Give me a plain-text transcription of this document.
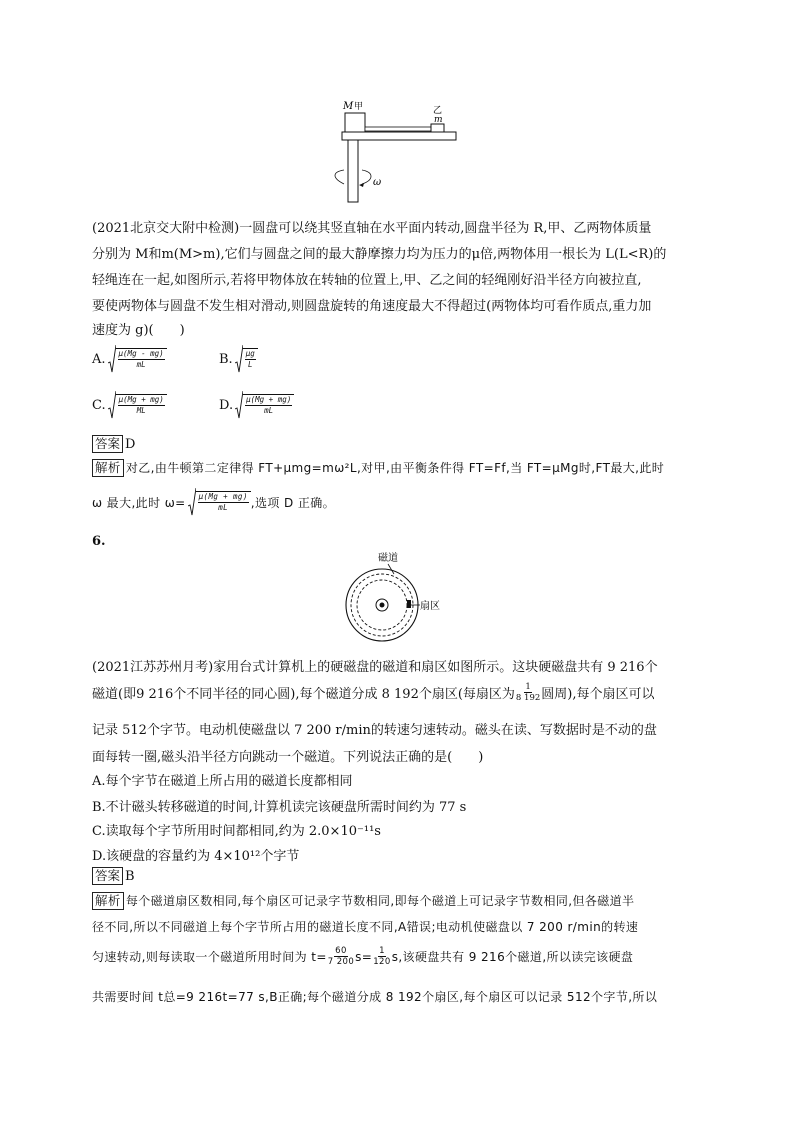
M 甲	乙
m
ω
(2021北京交大附中检测)一圆盘可以绕其竖直轴在水平面内转动,圆盘半径为 R,甲、乙两物体质量
分别为 M和m(M>m),它们与圆盘之间的最大静摩擦力均为压力的μ倍,两物体用一根长为 L(L<R)的
轻绳连在一起,如图所示,若将甲物体放在转轴的位置上,甲、乙之间的轻绳刚好沿半径方向被拉直,
要使两物体与圆盘不发生相对滑动,则圆盘旋转的角速度最大不得超过(两物体均可看作质点,重力加
速度为 g)(　　)
A. μ(Mg - mg)
mL	B. μg
L
C. μ(Mg + mg)
ML	D. μ(Mg + mg)
mL
答案 D
解析 对乙,由牛顿第二定律得 FT+μmg=mω²L,对甲,由平衡条件得 FT=Ff,当 FT=μMg时,FT最大,此时
ω 最大,此时 ω= μ(Mg + mg)
mL ,选项 D 正确。
6.
磁道
扇区
(2021江苏苏州月考)家用台式计算机上的硬磁盘的磁道和扇区如图所示。这块硬磁盘共有 9 216个
磁道(即9 216个不同半径的同心圆),每个磁道分成 8 192个扇区(每扇区为 $\frac{1}{8 192}$ 圆周),每个扇区可以
记录 512个字节。电动机使磁盘以 7 200 r/min的转速匀速转动。磁头在读、写数据时是不动的盘
面每转一圈,磁头沿半径方向跳动一个磁道。下列说法正确的是(　　)
A.每个字节在磁道上所占用的磁道长度都相同
B.不计磁头转移磁道的时间,计算机读完该硬盘所需时间约为 77 s
C.读取每个字节所用时间都相同,约为 2.0×10⁻¹¹s
D.该硬盘的容量约为 4×10¹²个字节
答案 B
解析 每个磁道扇区数相同,每个扇区可记录字节数相同,即每个磁道上可记录字节数相同,但各磁道半
径不同,所以不同磁道上每个字节所占用的磁道长度不同,A错误;电动机使磁盘以 7 200 r/min的转速
匀速转动,则每读取一个磁道所用时间为 $t= \frac{60}{7 200} s= \frac{1}{120} s$,该硬盘共有 9 216个磁道,所以读完该硬盘
共需要时间 t总=9 216t=77 s,B正确;每个磁道分成 8 192个扇区,每个扇区可以记录 512个字节,所以
